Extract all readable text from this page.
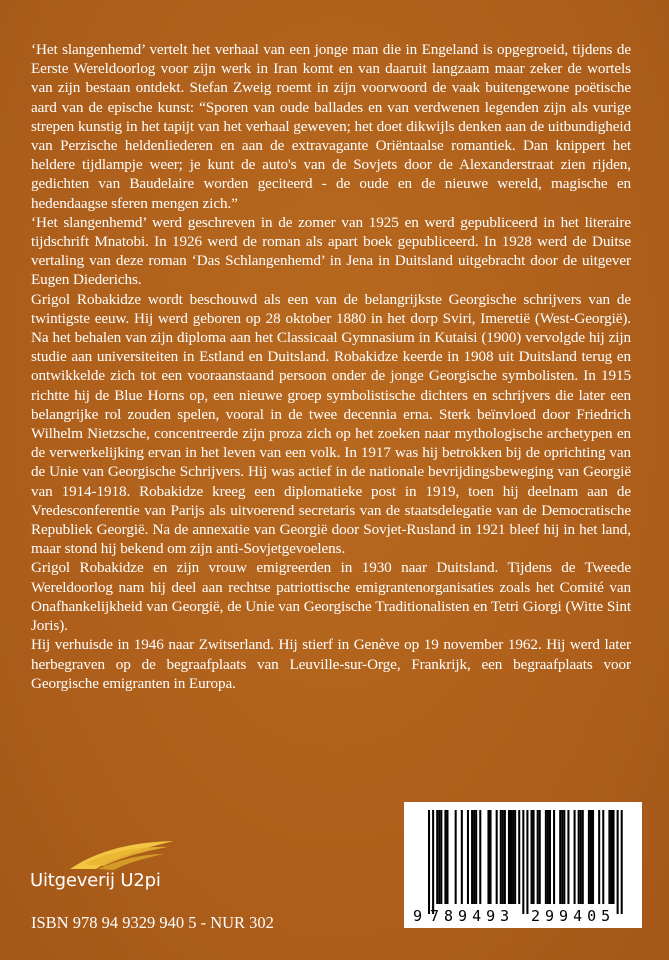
‘Het slangenhemd’ vertelt het verhaal van een jonge man die in Engeland is opgegroeid, tijdens de Eerste Wereldoorlog voor zijn werk in Iran komt en van daaruit langzaam maar zeker de wortels van zijn bestaan ontdekt. Stefan Zweig roemt in zijn voorwoord de vaak buitengewone poëtische aard van de epische kunst: “Sporen van oude ballades en van verdwenen legenden zijn als vurige strepen kunstig in het tapijt van het verhaal geweven; het doet dikwijls denken aan de uitbundigheid van Perzische heldenliederen en aan de extravagante Oriëntaalse romantiek. Dan knippert het heldere tijdlampje weer; je kunt de auto's van de Sovjets door de Alexanderstraat zien rijden, gedichten van Baudelaire worden geciteerd - de oude en de nieuwe wereld, magische en hedendaagse sferen mengen zich.”

‘Het slangenhemd’ werd geschreven in de zomer van 1925 en werd gepubliceerd in het literaire tijdschrift Mnatobi. In 1926 werd de roman als apart boek gepubliceerd. In 1928 werd de Duitse vertaling van deze roman ‘Das Schlangenhemd’ in Jena in Duitsland uitgebracht door de uitgever Eugen Diederichs.

Grigol Robakidze wordt beschouwd als een van de belangrijkste Georgische schrijvers van de twintigste eeuw. Hij werd geboren op 28 oktober 1880 in het dorp Sviri, Imeretië (West-Georgië). Na het behalen van zijn diploma aan het Classicaal Gymnasium in Kutaisi (1900) vervolgde hij zijn studie aan universiteiten in Estland en Duitsland. Robakidze keerde in 1908 uit Duitsland terug en ontwikkelde zich tot een vooraanstaand persoon onder de jonge Georgische symbolisten. In 1915 richtte hij de Blue Horns op, een nieuwe groep symbolistische dichters en schrijvers die later een belangrijke rol zouden spelen, vooral in de twee decennia erna. Sterk beïnvloed door Friedrich Wilhelm Nietzsche, concentreerde zijn proza zich op het zoeken naar mythologische archetypen en de verwerkelijking ervan in het leven van een volk. In 1917 was hij betrokken bij de oprichting van de Unie van Georgische Schrijvers. Hij was actief in de nationale bevrijdingsbeweging van Georgië van 1914-1918. Robakidze kreeg een diplomatieke post in 1919, toen hij deelnam aan de Vredesconferentie van Parijs als uitvoerend secretaris van de staatsdelegatie van de Democratische Republiek Georgië. Na de annexatie van Georgië door Sovjet-Rusland in 1921 bleef hij in het land, maar stond hij bekend om zijn anti-Sovjetgevoelens.

Grigol Robakidze en zijn vrouw emigreerden in 1930 naar Duitsland. Tijdens de Tweede Wereldoorlog nam hij deel aan rechtse patriottische emigrantenorganisaties zoals het Comité van Onafhankelijkheid van Georgië, de Unie van Georgische Traditionalisten en Tetri Giorgi (Witte Sint Joris).

Hij verhuisde in 1946 naar Zwitserland. Hij stierf in Genève op 19 november 1962. Hij werd later herbegraven op de begraafplaats van Leuville-sur-Orge, Frankrijk, een begraafplaats voor Georgische emigranten in Europa.

Uitgeverij U2pi
ISBN 978 94 9329 940 5 - NUR 302	9 789493 299405
